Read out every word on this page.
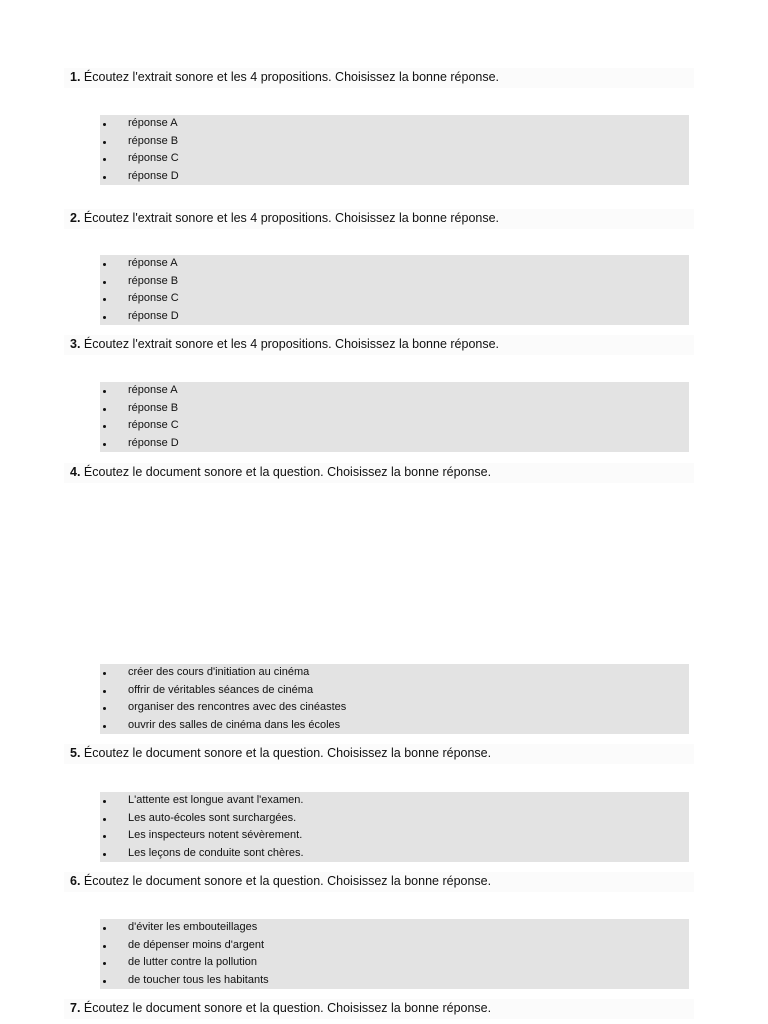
1. Écoutez l'extrait sonore et les 4 propositions. Choisissez la bonne réponse.
réponse A
réponse B
réponse C
réponse D
2. Écoutez l'extrait sonore et les 4 propositions. Choisissez la bonne réponse.
réponse A
réponse B
réponse C
réponse D
3. Écoutez l'extrait sonore et les 4 propositions. Choisissez la bonne réponse.
réponse A
réponse B
réponse C
réponse D
4. Écoutez le document sonore et la question. Choisissez la bonne réponse.
créer des cours d'initiation au cinéma
offrir de véritables séances de cinéma
organiser des rencontres avec des cinéastes
ouvrir des salles de cinéma dans les écoles
5. Écoutez le document sonore et la question. Choisissez la bonne réponse.
L'attente est longue avant l'examen.
Les auto-écoles sont surchargées.
Les inspecteurs notent sévèrement.
Les leçons de conduite sont chères.
6. Écoutez le document sonore et la question. Choisissez la bonne réponse.
d'éviter les embouteillages
de dépenser moins d'argent
de lutter contre la pollution
de toucher tous les habitants
7. Écoutez le document sonore et la question. Choisissez la bonne réponse.
